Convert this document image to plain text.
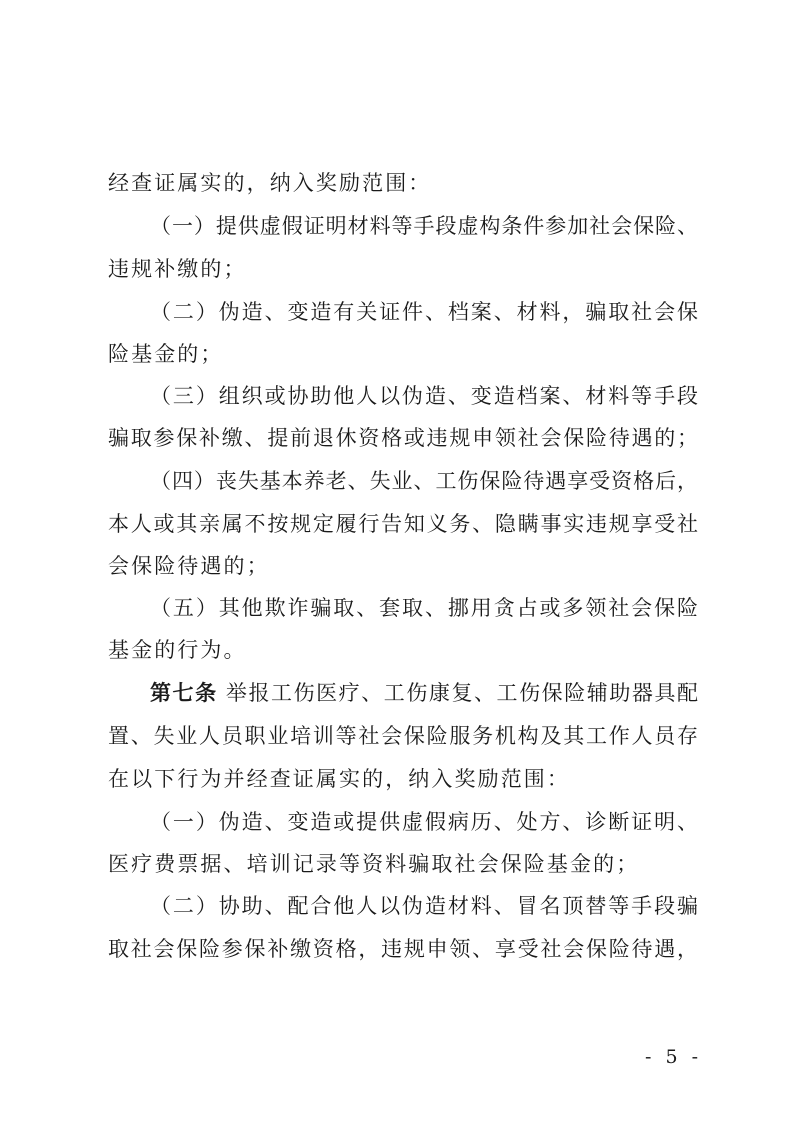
经查证属实的，纳入奖励范围：
（一）提供虚假证明材料等手段虚构条件参加社会保险、
违规补缴的；
（二）伪造、变造有关证件、档案、材料，骗取社会保
险基金的；
（三）组织或协助他人以伪造、变造档案、材料等手段
骗取参保补缴、提前退休资格或违规申领社会保险待遇的；
（四）丧失基本养老、失业、工伤保险待遇享受资格后，
本人或其亲属不按规定履行告知义务、隐瞒事实违规享受社
会保险待遇的；
（五）其他欺诈骗取、套取、挪用贪占或多领社会保险
基金的行为。
第七条 举报工伤医疗、工伤康复、工伤保险辅助器具配
置、失业人员职业培训等社会保险服务机构及其工作人员存
在以下行为并经查证属实的，纳入奖励范围：
（一）伪造、变造或提供虚假病历、处方、诊断证明、
医疗费票据、培训记录等资料骗取社会保险基金的；
（二）协助、配合他人以伪造材料、冒名顶替等手段骗
取社会保险参保补缴资格，违规申领、享受社会保险待遇，
- 5 -
